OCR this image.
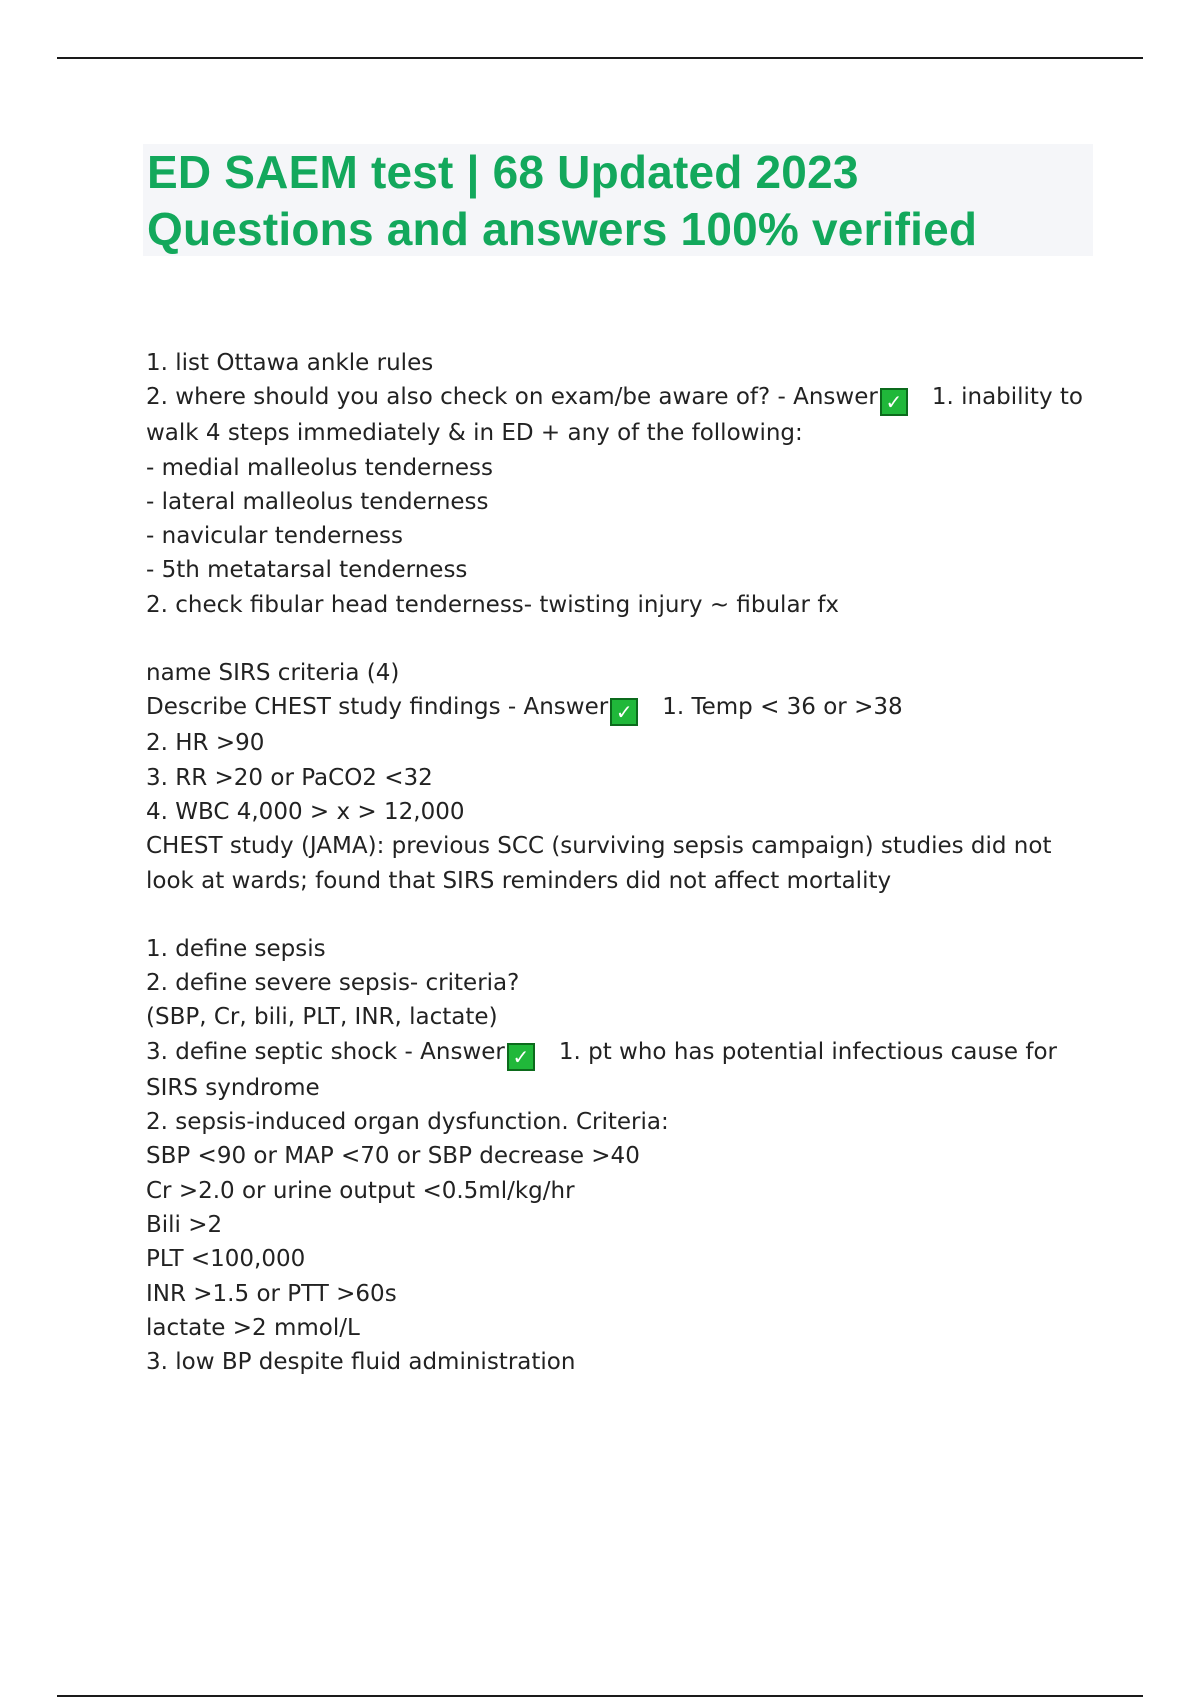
ED SAEM test | 68 Updated 2023
Questions and answers 100% verified
1. list Ottawa ankle rules
2. where should you also check on exam/be aware of? - Answer ✓ 1. inability to walk 4 steps immediately & in ED + any of the following:
- medial malleolus tenderness
- lateral malleolus tenderness
- navicular tenderness
- 5th metatarsal tenderness
2. check fibular head tenderness- twisting injury ~ fibular fx
name SIRS criteria (4)
Describe CHEST study findings - Answer ✓ 1. Temp < 36 or >38
2. HR >90
3. RR >20 or PaCO2 <32
4. WBC 4,000 > x > 12,000
CHEST study (JAMA): previous SCC (surviving sepsis campaign) studies did not look at wards; found that SIRS reminders did not affect mortality
1. define sepsis
2. define severe sepsis- criteria?
(SBP, Cr, bili, PLT, INR, lactate)
3. define septic shock - Answer ✓ 1. pt who has potential infectious cause for SIRS syndrome
2. sepsis-induced organ dysfunction. Criteria:
SBP <90 or MAP <70 or SBP decrease >40
Cr >2.0 or urine output <0.5ml/kg/hr
Bili >2
PLT <100,000
INR >1.5 or PTT >60s
lactate >2 mmol/L
3. low BP despite fluid administration
